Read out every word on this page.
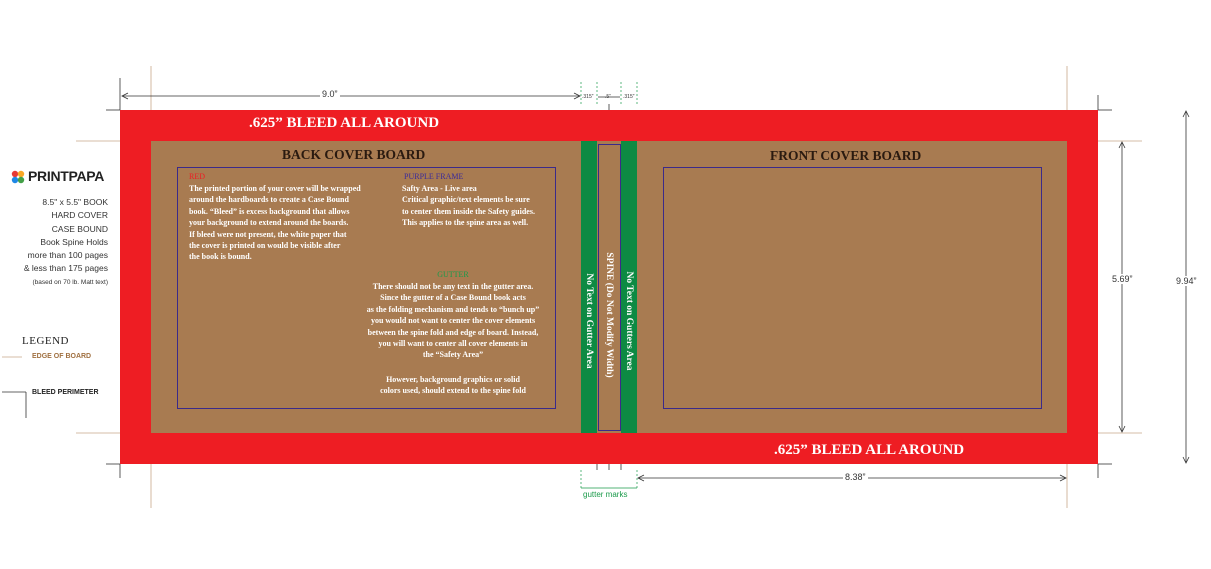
PRINTPAPA
8.5" x 5.5" BOOK
HARD COVER
CASE BOUND
Book Spine Holds
more than 100 pages
& less than 175 pages
(based on 70 lb. Matt text)
LEGEND
EDGE OF BOARD
BLEED PERIMETER
.625” BLEED ALL AROUND
.625” BLEED ALL AROUND
BACK COVER BOARD	FRONT COVER BOARD
No Text on Gutter Area	No Text on Gutters Area
SPINE (Do Not Modify Width)
RED
The printed portion of your cover will be wrapped
around the hardboards to create a Case Bound
book. “Bleed” is excess background that allows
your background to extend around the boards.
If bleed were not present, the white paper that
the cover is printed on would be visible after
the book is bound.
PURPLE FRAME
Safty Area - Live area
Critical graphic/text elements be sure
to center them inside the Safety guides.
This applies to the spine area as well.
GUTTER
There should not be any text in the gutter area.
Since the gutter of a Case Bound book acts
as the folding mechanism and tends to “bunch up”
you would not want to center the cover elements
between the spine fold and edge of board. Instead,
you will want to center all cover elements in
the “Safety Area”
However, background graphics or solid
colors used, should extend to the spine fold
9.0”	.315” .5” .315”
8.38”
5.69”	9.94”
gutter marks
